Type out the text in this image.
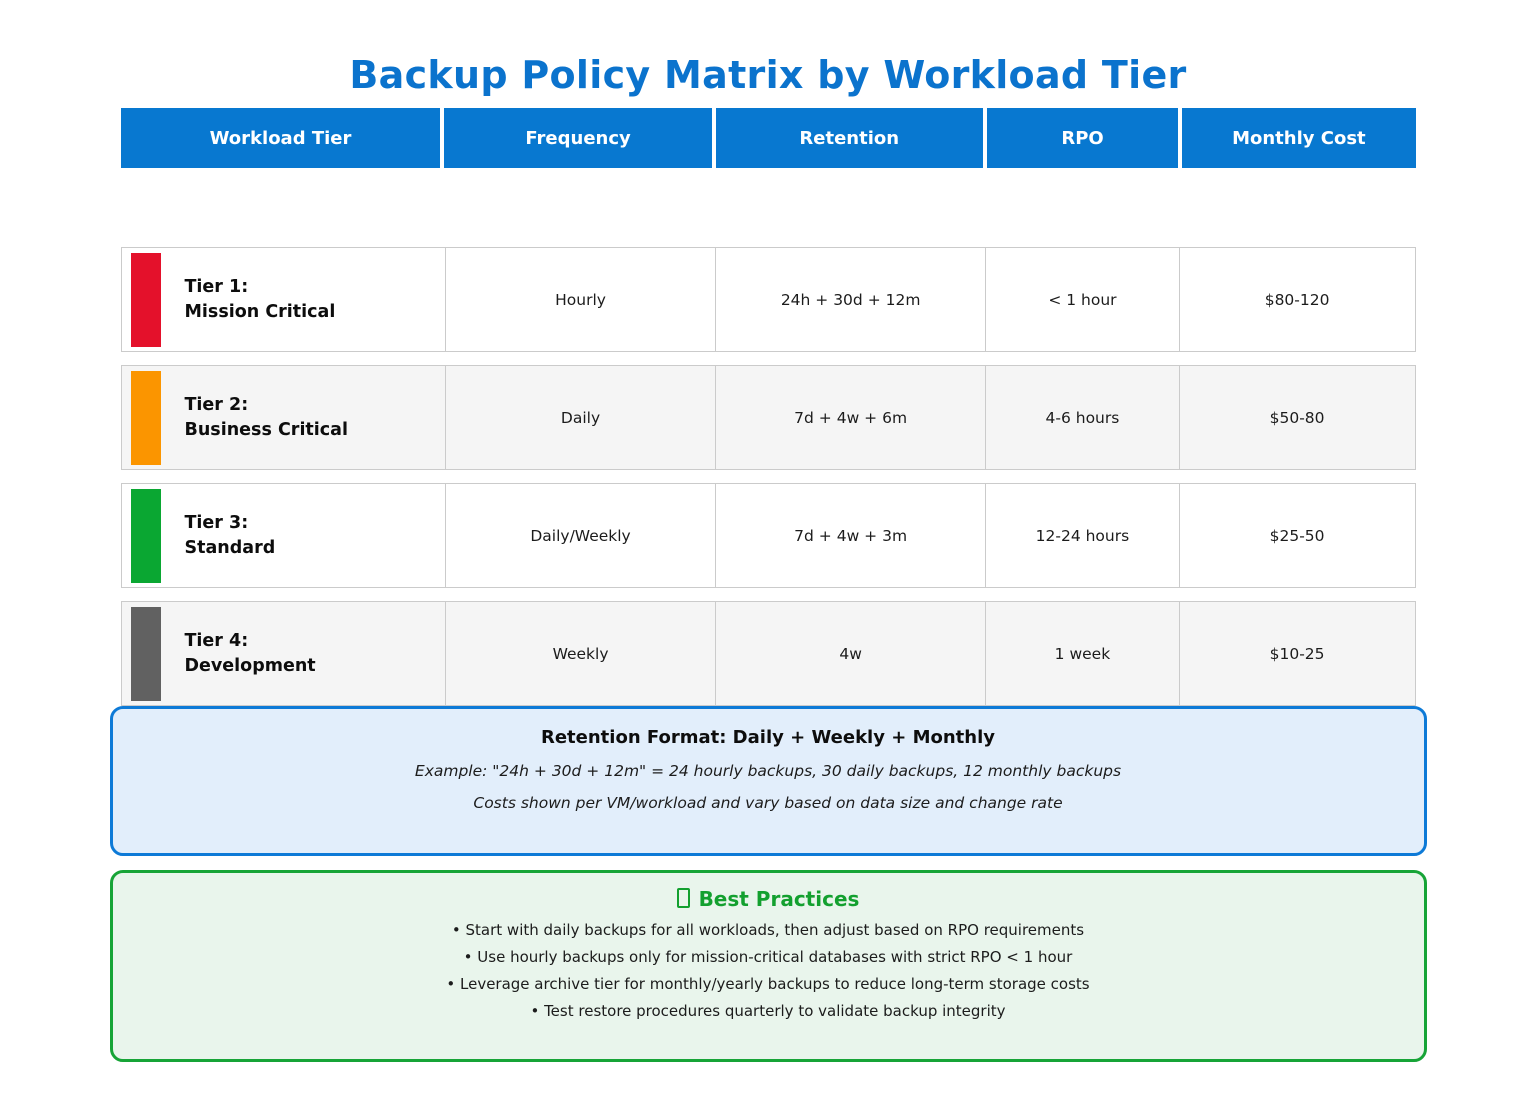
Backup Policy Matrix by Workload Tier
Workload Tier	Frequency	Retention	RPO	Monthly Cost
Tier 1:
Mission Critical
Hourly	24h + 30d + 12m	< 1 hour	$80-120
Tier 2:
Business Critical
Daily	7d + 4w + 6m	4-6 hours	$50-80
Tier 3:
Standard
Daily/Weekly	7d + 4w + 3m	12-24 hours	$25-50
Tier 4:
Development
Weekly	4w	1 week	$10-25
Retention Format: Daily + Weekly + Monthly
Example: "24h + 30d + 12m" = 24 hourly backups, 30 daily backups, 12 monthly backups
Costs shown per VM/workload and vary based on data size and change rate
Best Practices
• Start with daily backups for all workloads, then adjust based on RPO requirements
• Use hourly backups only for mission-critical databases with strict RPO < 1 hour
• Leverage archive tier for monthly/yearly backups to reduce long-term storage costs
• Test restore procedures quarterly to validate backup integrity
